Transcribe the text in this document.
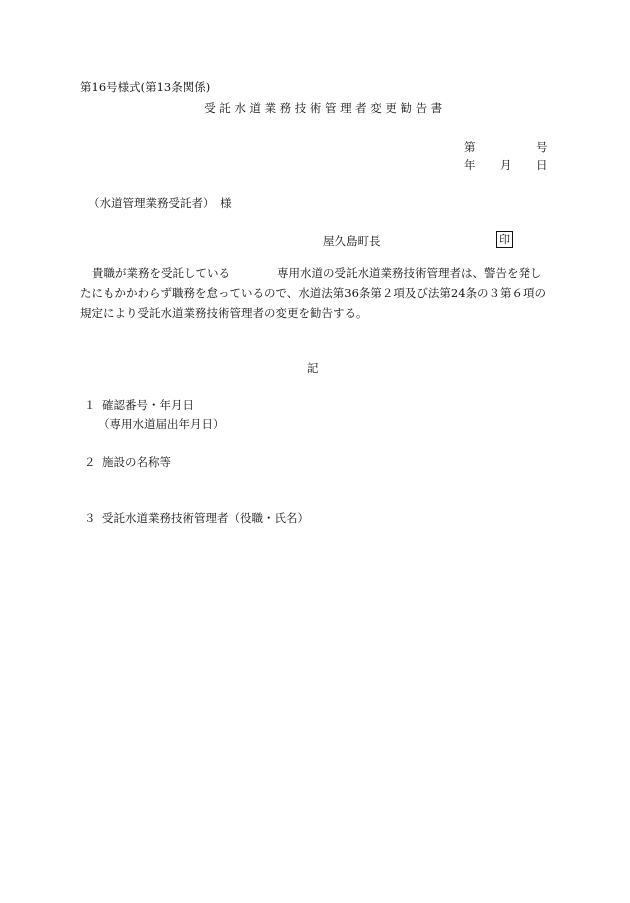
第16号様式(第13条関係)
受託水道業務技術管理者変更勧告書
第	号
年 月 日
（水道管理業務受託者） 様
屋久島町長	印
貴職が業務を受託している	専用水道の受託水道業務技術管理者は、警告を発し
たにもかかわらず職務を怠っているので、水道法第36条第２項及び法第24条の３第６項の
規定により受託水道業務技術管理者の変更を勧告する。
記
１ 確認番号・年月日
（専用水道届出年月日）
２ 施設の名称等
３ 受託水道業務技術管理者（役職・氏名）
